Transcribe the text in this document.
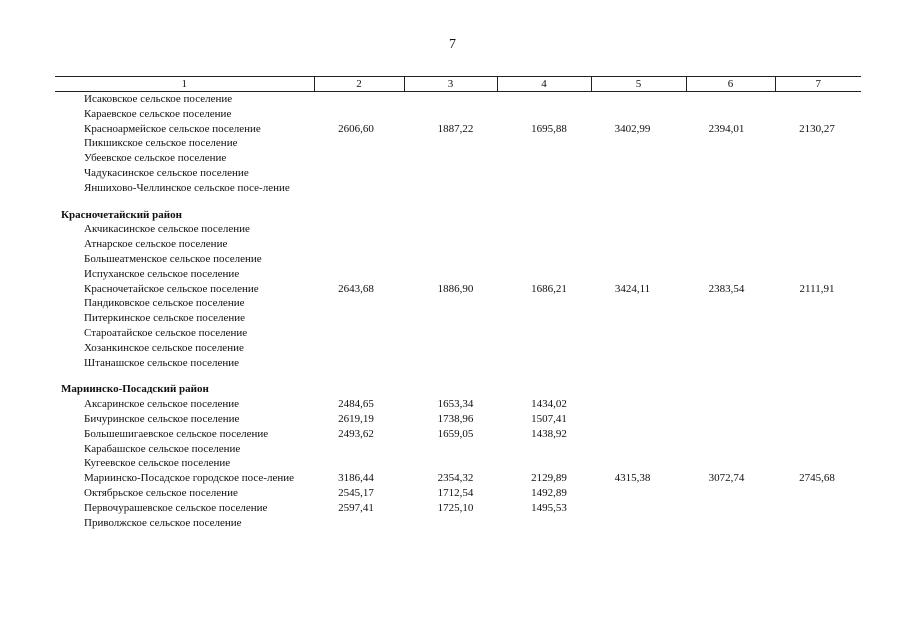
7
1	2	3	4	5	6	7
Исаковское сельское поселение						
Караевское сельское поселение						
Красноармейское сельское поселение	2606,60	1887,22	1695,88	3402,99	2394,01	2130,27
Пикшикское сельское поселение						
Убеевское сельское поселение						
Чадукасинское сельское поселение						
Яншихово-Челлинское сельское посе-ление						

Красночетайский район						
Акчикасинское сельское поселение						
Атнарское сельское поселение						
Большеатменское сельское поселение						
Испуханское сельское поселение						
Красночетайское сельское поселение	2643,68	1886,90	1686,21	3424,11	2383,54	2111,91
Пандиковское сельское поселение						
Питеркинское сельское поселение						
Староатайское сельское поселение						
Хозанкинское сельское поселение						
Штанашское сельское поселение						

Мариинско-Посадский район						
Аксаринское сельское поселение	2484,65	1653,34	1434,02			
Бичуринское сельское поселение	2619,19	1738,96	1507,41			
Большешигаевское сельское поселение	2493,62	1659,05	1438,92			
Карабашское сельское поселение						
Кугеевское сельское поселение						
Мариинско-Посадское городское посе-ление	3186,44	2354,32	2129,89	4315,38	3072,74	2745,68
Октябрьское сельское поселение	2545,17	1712,54	1492,89			
Первочурашевское сельское поселение	2597,41	1725,10	1495,53			
Приволжское сельское поселение						
